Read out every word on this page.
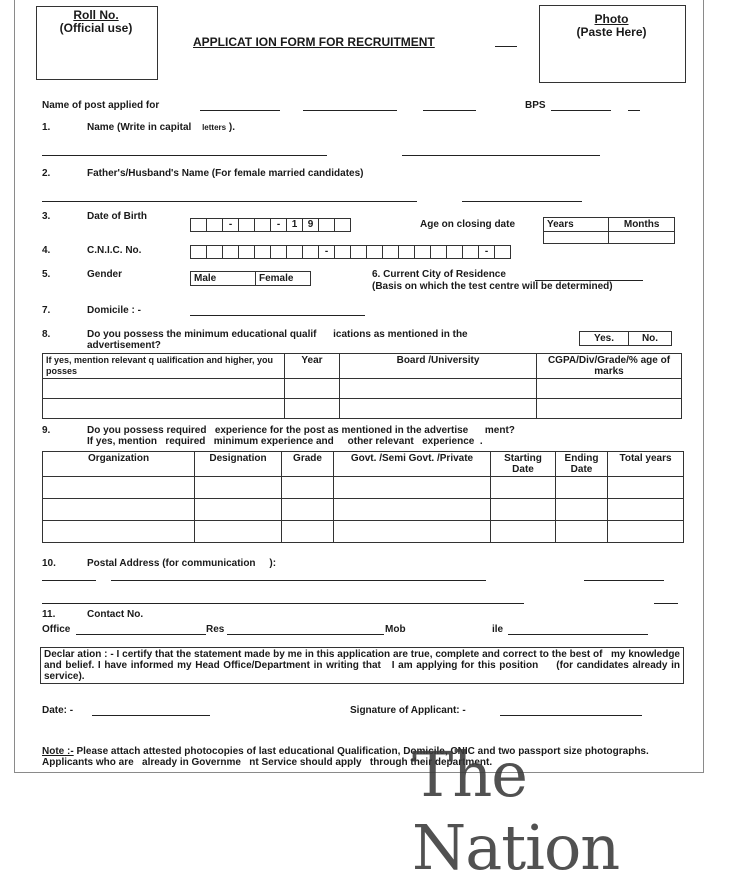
Roll No.
(Official use)
APPLICAT ION FORM FOR RECRUITMENT
Photo
(Paste Here)
Name of post applied for	BPS
1.	Name (Write in capital letters ).
2.	Father's/Husband's Name (For female married candidates)
3.	Date of Birth
-	-	1	9	Age on closing date	Years	Months

4.	C.N.I.C. No.	-	-
5.	Gender	Male	Female	6. Current City of Residence
(Basis on which the test centre will be determined)
7.	Domicile : -
8.	Do you possess the minimum educational qualif      ications as mentioned in the
advertisement?
Yes.	No.
If yes, mention relevant q ualification and higher, you posses	Year	Board /University	CGPA/Div/Grade/% age of marks

9.	Do you possess required   experience for the post as mentioned in the advertise      ment?
If yes, mention   required   minimum experience and     other relevant   experience  .
Organization	Designation	Grade	Govt. /Semi Govt. /Private	Starting Date	Ending Date	Total years

10.	Postal Address (for communication     ):
11.	Contact No.
Office	Res	Mob	ile
Declar ation : - I certify that the statement made by me in this application are true, complete and correct to the best of   my knowledge and belief. I have informed my Head Office/Department in writing that   I am applying for this position     (for candidates already in      service).
Date: -	Signature of Applicant: -

Note :- Please attach attested photocopies of last educational Qualification, Domicile, CNIC and two passport size photographs.  Applicants who are   already in Governme   nt Service should apply   through their department.
The Nation
